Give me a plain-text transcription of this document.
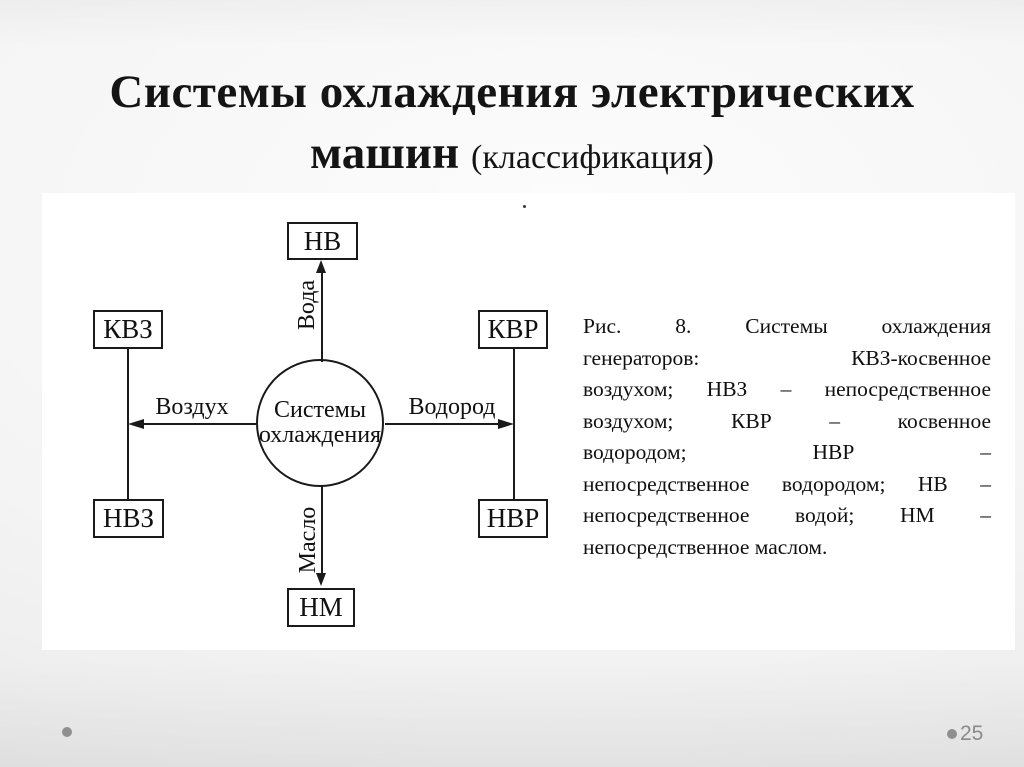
Системы охлаждения электрических
машин (классификация)
НВ
КВЗ	КВР
НВЗ	НВР
НМ
Системы
охлаждения
Вода
Воздух	Водород
Масло
Рис. 8. Системы охлаждения
генераторов: КВЗ-косвенное
воздухом; НВЗ – непосредственное
воздухом; КВР – косвенное
водородом; НВР –
непосредственное водородом; НВ –
непосредственное водой; НМ –
непосредственное маслом.
25
